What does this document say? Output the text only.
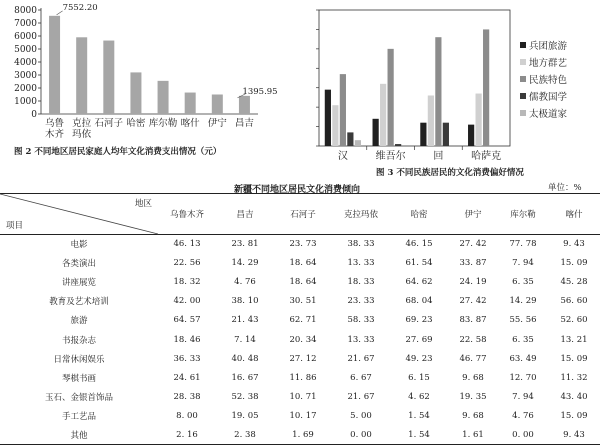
0
1000
2000
3000
4000
5000
6000
7000
8000
乌鲁
木齐
克拉
玛依
石河子 哈密 库尔勒 喀什 伊宁 昌吉
7552.20
1395.95
图 2 不同地区居民家庭人均年文化消费支出情况（元）	汉	维吾尔	回	哈萨克
兵团旅游
地方群艺
民族特色
儒教国学
太极道家
图 3 不同民族居民的文化消费偏好情况
新疆不同地区居民文化消费倾向	单位：%
地区
项目	乌鲁木齐	昌吉	石河子	克拉玛依	哈密	伊宁	库尔勒	喀什
电影	46. 13	23. 81	23. 73	38. 33	46. 15	27. 42	77. 78	9. 43
各类演出	22. 56	14. 29	18. 64	13. 33	61. 54	33. 87	7. 94	15. 09
讲座展览	18. 32	4. 76	18. 64	18. 33	64. 62	24. 19	6. 35	45. 28
教育及艺术培训	42. 00	38. 10	30. 51	23. 33	68. 04	27. 42	14. 29	56. 60
旅游	64. 57	21. 43	62. 71	58. 33	69. 23	83. 87	55. 56	52. 60
书报杂志	18. 46	7. 14	20. 34	13. 33	27. 69	22. 58	6. 35	13. 21
日常休闲娱乐	36. 33	40. 48	27. 12	21. 67	49. 23	46. 77	63. 49	15. 09
琴棋书画	24. 61	16. 67	11. 86	6. 67	6. 15	9. 68	12. 70	11. 32
玉石、金银首饰品	28. 38	52. 38	10. 71	21. 67	4. 62	19. 35	7. 94	43. 40
手工艺品	8. 00	19. 05	10. 17	5. 00	1. 54	9. 68	4. 76	15. 09
其他	2. 16	2. 38	1. 69	0. 00	1. 54	1. 61	0. 00	9. 43
